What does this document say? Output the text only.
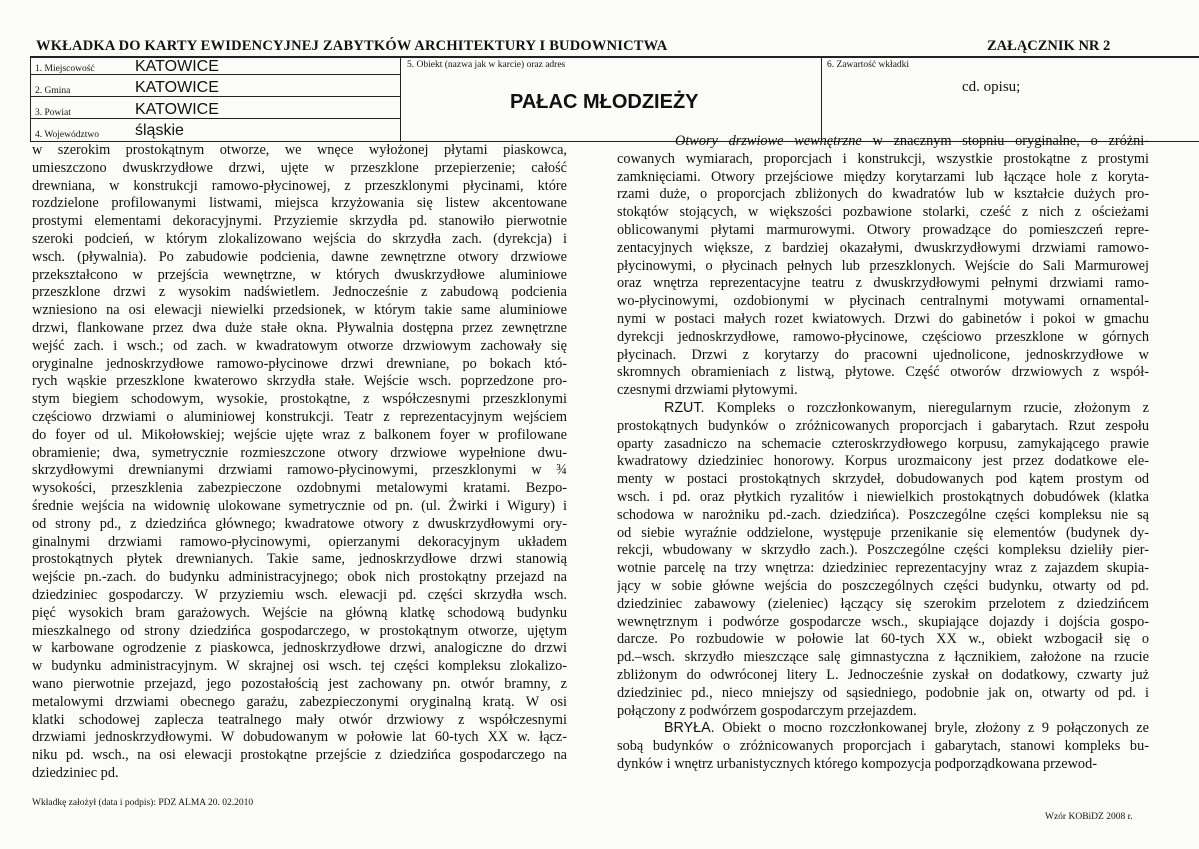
WKŁADKA DO KARTY EWIDENCYJNEJ ZABYTKÓW ARCHITEKTURY I BUDOWNICTWA	ZAŁĄCZNIK NR 2
1. Miejscowość	KATOWICE
2. Gmina	KATOWICE
3. Powiat	KATOWICE
4. Województwo śląskie
5. Obiekt (nazwa jak w karcie) oraz adres
PAŁAC MŁODZIEŻY
6. Zawartość wkładki
cd. opisu;
w szerokim prostokątnym otworze, we wnęce wyłożonej płytami piaskowca,
umieszczono dwuskrzydłowe drzwi, ujęte w przeszklone przepierzenie; całość
drewniana, w konstrukcji ramowo-płycinowej, z przeszklonymi płycinami, które
rozdzielone profilowanymi listwami, miejsca krzyżowania się listew akcentowane
prostymi elementami dekoracyjnymi. Przyziemie skrzydła pd. stanowiło pierwotnie
szeroki podcień, w którym zlokalizowano wejścia do skrzydła zach. (dyrekcja) i
wsch. (pływalnia). Po zabudowie podcienia, dawne zewnętrzne otwory drzwiowe
przekształcono w przejścia wewnętrzne, w których dwuskrzydłowe aluminiowe
przeszklone drzwi z wysokim nadświetlem. Jednocześnie z zabudową podcienia
wzniesiono na osi elewacji niewielki przedsionek, w którym takie same aluminiowe
drzwi, flankowane przez dwa duże stałe okna. Pływalnia dostępna przez zewnętrzne
wejść zach. i wsch.; od zach. w kwadratowym otworze drzwiowym zachowały się
oryginalne jednoskrzydłowe ramowo-płycinowe drzwi drewniane, po bokach któ-
rych wąskie przeszklone kwaterowo skrzydła stałe. Wejście wsch. poprzedzone pro-
stym biegiem schodowym, wysokie, prostokątne, z współczesnymi przeszklonymi
częściowo drzwiami o aluminiowej konstrukcji. Teatr z reprezentacyjnym wejściem
do foyer od ul. Mikołowskiej; wejście ujęte wraz z balkonem foyer w profilowane
obramienie; dwa, symetrycznie rozmieszczone otwory drzwiowe wypełnione dwu-
skrzydłowymi drewnianymi drzwiami ramowo-płycinowymi, przeszklonymi w ¾
wysokości, przeszklenia zabezpieczone ozdobnymi metalowymi kratami. Bezpo-
średnie wejścia na widownię ulokowane symetrycznie od pn. (ul. Żwirki i Wigury) i
od strony pd., z dziedzińca głównego; kwadratowe otwory z dwuskrzydłowymi ory-
ginalnymi drzwiami ramowo-płycinowymi, opierzanymi dekoracyjnym układem
prostokątnych płytek drewnianych. Takie same, jednoskrzydłowe drzwi stanowią
wejście pn.-zach. do budynku administracyjnego; obok nich prostokątny przejazd na
dziedziniec gospodarczy. W przyziemiu wsch. elewacji pd. części skrzydła wsch.
pięć wysokich bram garażowych. Wejście na główną klatkę schodową budynku
mieszkalnego od strony dziedzińca gospodarczego, w prostokątnym otworze, ujętym
w karbowane ogrodzenie z piaskowca, jednoskrzydłowe drzwi, analogiczne do drzwi
w budynku administracyjnym. W skrajnej osi wsch. tej części kompleksu zlokalizo-
wano pierwotnie przejazd, jego pozostałością jest zachowany pn. otwór bramny, z
metalowymi drzwiami obecnego garażu, zabezpieczonymi oryginalną kratą. W osi
klatki schodowej zaplecza teatralnego mały otwór drzwiowy z współczesnymi
drzwiami jednoskrzydłowymi. W dobudowanym w połowie lat 60-tych XX w. łącz-
niku pd. wsch., na osi elewacji prostokątne przejście z dziedzińca gospodarczego na
dziedziniec pd.
Otwory drzwiowe wewnętrzne w znacznym stopniu oryginalne, o zróżni-
cowanych wymiarach, proporcjach i konstrukcji, wszystkie prostokątne z prostymi
zamknięciami. Otwory przejściowe między korytarzami lub łączące hole z koryta-
rzami duże, o proporcjach zbliżonych do kwadratów lub w kształcie dużych pro-
stokątów stojących, w większości pozbawione stolarki, cześć z nich z ościeżami
oblicowanymi płytami marmurowymi. Otwory prowadzące do pomieszczeń repre-
zentacyjnych większe, z bardziej okazałymi, dwuskrzydłowymi drzwiami ramowo-
płycinowymi, o płycinach pełnych lub przeszklonych. Wejście do Sali Marmurowej
oraz wnętrza reprezentacyjne teatru z dwuskrzydłowymi pełnymi drzwiami ramo-
wo-płycinowymi, ozdobionymi w płycinach centralnymi motywami ornamental-
nymi w postaci małych rozet kwiatowych. Drzwi do gabinetów i pokoi w gmachu
dyrekcji jednoskrzydłowe, ramowo-płycinowe, częściowo przeszklone w górnych
płycinach. Drzwi z korytarzy do pracowni ujednolicone, jednoskrzydłowe w
skromnych obramieniach z listwą, płytowe. Część otworów drzwiowych z współ-
czesnymi drzwiami płytowymi.
RZUT. Kompleks o rozczłonkowanym, nieregularnym rzucie, złożonym z
prostokątnych budynków o zróżnicowanych proporcjach i gabarytach. Rzut zespołu
oparty zasadniczo na schemacie czteroskrzydłowego korpusu, zamykającego prawie
kwadratowy dziedziniec honorowy. Korpus urozmaicony jest przez dodatkowe ele-
menty w postaci prostokątnych skrzydeł, dobudowanych pod kątem prostym od
wsch. i pd. oraz płytkich ryzalitów i niewielkich prostokątnych dobudówek (klatka
schodowa w narożniku pd.-zach. dziedzińca). Poszczególne części kompleksu nie są
od siebie wyraźnie oddzielone, występuje przenikanie się elementów (budynek dy-
rekcji, wbudowany w skrzydło zach.). Poszczególne części kompleksu dzieliły pier-
wotnie parcelę na trzy wnętrza: dziedziniec reprezentacyjny wraz z zajazdem skupia-
jący w sobie główne wejścia do poszczególnych części budynku, otwarty od pd.
dziedziniec zabawowy (zieleniec) łączący się szerokim przelotem z dziedzińcem
wewnętrznym i podwórze gospodarcze wsch., skupiające dojazdy i dojścia gospo-
darcze. Po rozbudowie w połowie lat 60-tych XX w., obiekt wzbogacił się o
pd.–wsch. skrzydło mieszczące salę gimnastyczna z łącznikiem, założone na rzucie
zbliżonym do odwróconej litery L. Jednocześnie zyskał on dodatkowy, czwarty już
dziedziniec pd., nieco mniejszy od sąsiedniego, podobnie jak on, otwarty od pd. i
połączony z podwórzem gospodarczym przejazdem.
BRYŁA. Obiekt o mocno rozczłonkowanej bryle, złożony z 9 połączonych ze
sobą budynków o zróżnicowanych proporcjach i gabarytach, stanowi kompleks bu-
dynków i wnętrz urbanistycznych którego kompozycja podporządkowana przewod-
Wkładkę założył (data i podpis): PDZ ALMA 20. 02.2010
Wzór KOBiDZ 2008 r.
